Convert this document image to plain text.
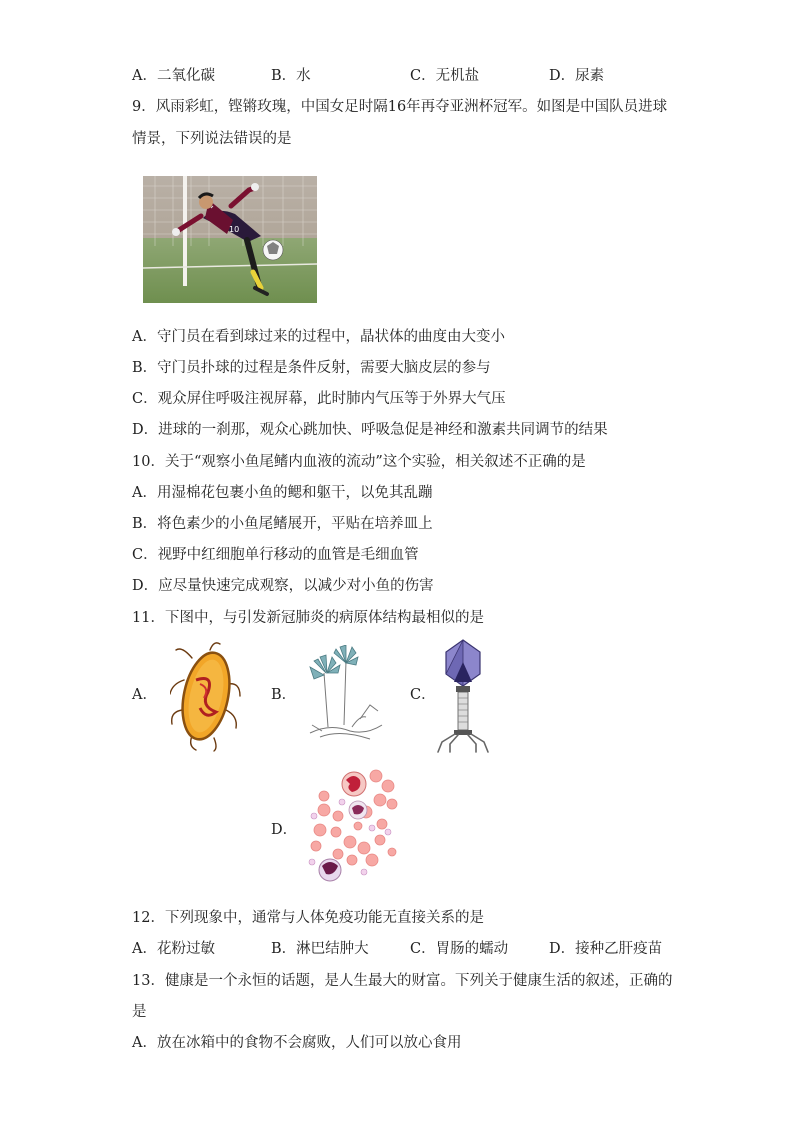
A．二氧化碳	B．水	C．无机盐	D．尿素
9．风雨彩虹，铿锵玫瑰，中国女足时隔16年再夺亚洲杯冠军。如图是中国队员进球
情景，下列说法错误的是
10
A．守门员在看到球过来的过程中，晶状体的曲度由大变小
B．守门员扑球的过程是条件反射，需要大脑皮层的参与
C．观众屏住呼吸注视屏幕，此时肺内气压等于外界大气压
D．进球的一刹那，观众心跳加快、呼吸急促是神经和激素共同调节的结果
10．关于“观察小鱼尾鳍内血液的流动”这个实验，相关叙述不正确的是
A．用湿棉花包裹小鱼的鳃和躯干，以免其乱蹦
B．将色素少的小鱼尾鳍展开，平贴在培养皿上
C．视野中红细胞单行移动的血管是毛细血管
D．应尽量快速完成观察，以减少对小鱼的伤害
11．下图中，与引发新冠肺炎的病原体结构最相似的是
A．	B．	C．
D．
12．下列现象中，通常与人体免疫功能无直接关系的是
A．花粉过敏	B．淋巴结肿大	C．胃肠的蠕动	D．接种乙肝疫苗
13．健康是一个永恒的话题，是人生最大的财富。下列关于健康生活的叙述，正确的
是
A．放在冰箱中的食物不会腐败，人们可以放心食用
